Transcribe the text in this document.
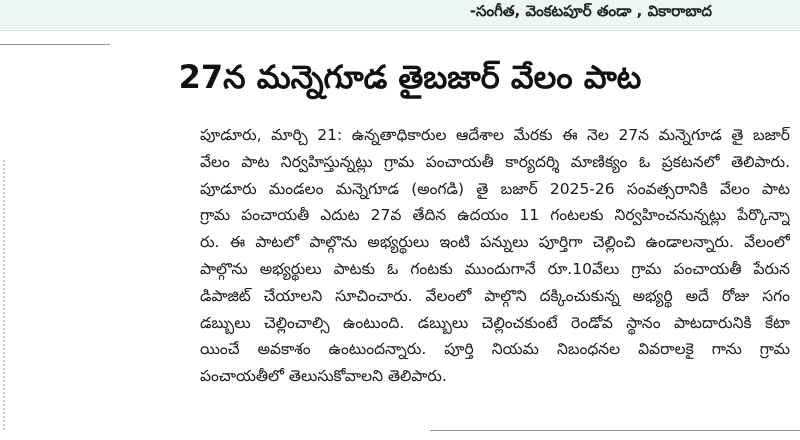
-సంగీత, వెంకటపూర్ తండా , వికారాబాద
27న మన్నెగూడ తైబజార్ వేలం పాట
పూడూరు, మార్చి 21: ఉన్నతాధికారుల ఆదేశాల మేరకు ఈ నెల 27న మన్నెగూడ తై బజార్
వేలం పాట నిర్వహిస్తున్నట్లు గ్రామ పంచాయతీ కార్యదర్శి మాణిక్యం ఓ ప్రకటనలో తెలిపారు.
పూడూరు మండలం మన్నెగూడ (అంగడి) తై బజార్ 2025-26 సంవత్సరానికి వేలం పాట
గ్రామ పంచాయతీ ఎదుట 27వ తేదిన ఉదయం 11 గంటలకు నిర్వహించనున్నట్లు పేర్కొన్నా
రు. ఈ పాటలో పాల్గొను అభ్యర్థులు ఇంటి పన్నులు పూర్తిగా చెల్లించి ఉండాలన్నారు. వేలంలో
పాల్గొను అభ్యర్థులు పాటకు ఓ గంటకు ముందుగానే రూ.10వేలు గ్రామ పంచాయతీ పేరున
డిపాజిట్ చేయాలని సూచించారు. వేలంలో పాల్గొని దక్కించుకున్న అభ్యర్థి అదే రోజు సగం
డబ్బులు చెల్లించాల్సి ఉంటుంది. డబ్బులు చెల్లించకుంటే రెండోవ స్థానం పాటదారునికి కేటా
యించే అవకాశం ఉంటుందన్నారు. పూర్తి నియమ నిబంధనల వివరాలకై గాను గ్రామ
పంచాయతీలో తెలుసుకోవాలని తెలిపారు.
